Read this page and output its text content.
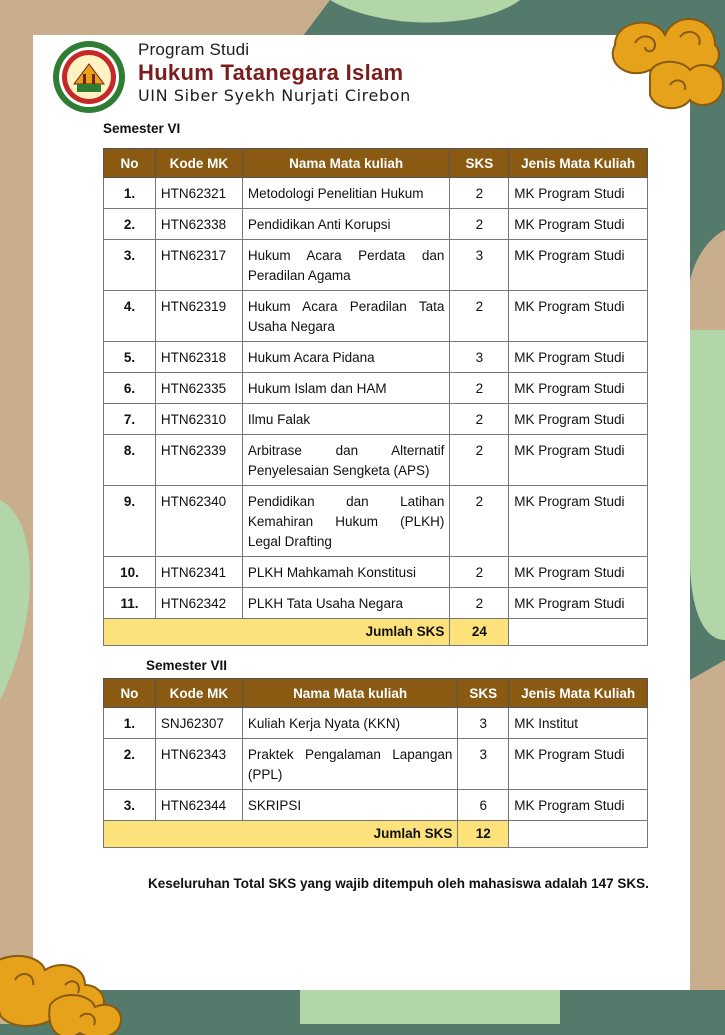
Program Studi
Hukum Tatanegara Islam
UIN Siber Syekh Nurjati Cirebon
Semester VI
No	Kode MK	Nama Mata kuliah	SKS	Jenis Mata Kuliah
1.	HTN62321	Metodologi Penelitian Hukum	2	MK Program Studi
2.	HTN62338	Pendidikan Anti Korupsi	2	MK Program Studi
3.	HTN62317	Hukum Acara Perdata dan Peradilan Agama	3	MK Program Studi
4.	HTN62319	Hukum Acara Peradilan Tata Usaha Negara	2	MK Program Studi
5.	HTN62318	Hukum Acara Pidana	3	MK Program Studi
6.	HTN62335	Hukum Islam dan HAM	2	MK Program Studi
7.	HTN62310	Ilmu Falak	2	MK Program Studi
8.	HTN62339	Arbitrase dan Alternatif Penyelesaian Sengketa (APS)	2	MK Program Studi
9.	HTN62340	Pendidikan dan Latihan Kemahiran Hukum (PLKH) Legal Drafting	2	MK Program Studi
10.	HTN62341	PLKH Mahkamah Konstitusi	2	MK Program Studi
11.	HTN62342	PLKH Tata Usaha Negara	2	MK Program Studi
Jumlah SKS			24	
Semester VII
No	Kode MK	Nama Mata kuliah	SKS	Jenis Mata Kuliah
1.	SNJ62307	Kuliah Kerja Nyata (KKN)	3	MK Institut
2.	HTN62343	Praktek Pengalaman Lapangan (PPL)	3	MK Program Studi
3.	HTN62344	SKRIPSI	6	MK Program Studi
Jumlah SKS			12	
Keseluruhan Total SKS yang wajib ditempuh oleh mahasiswa adalah 147 SKS.
